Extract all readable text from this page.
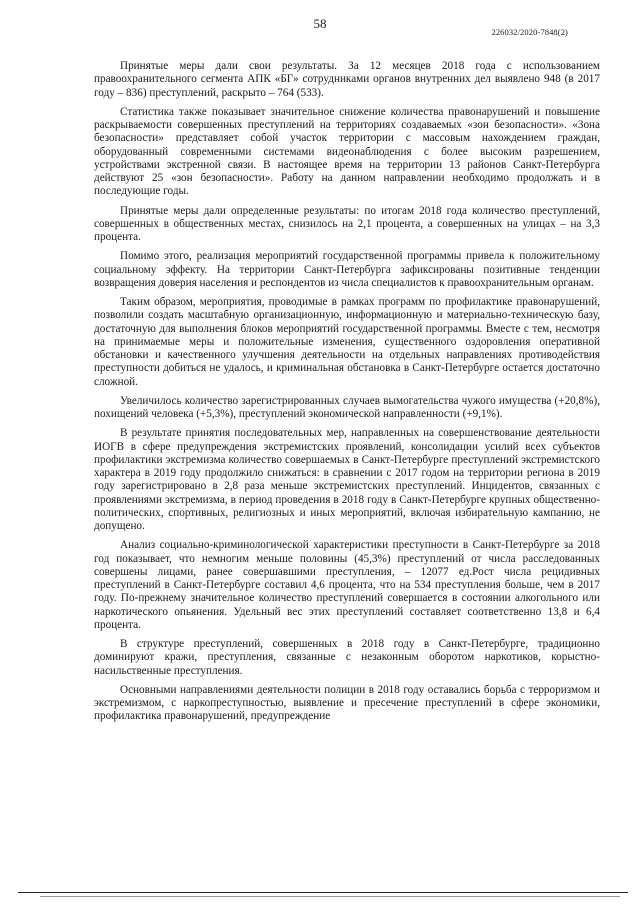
58
226032/2020-7848(2)

Принятые меры дали свои результаты. За 12 месяцев 2018 года с использованием правоохранительного сегмента АПК «БГ» сотрудниками органов внутренних дел выявлено 948 (в 2017 году – 836) преступлений, раскрыто – 764 (533).

Статистика также показывает значительное снижение количества правонарушений и повышение раскрываемости совершенных преступлений на территориях создаваемых «зон безопасности». «Зона безопасности» представляет собой участок территории с массовым нахождением граждан, оборудованный современными системами видеонаблюдения с более высоким разрешением, устройствами экстренной связи. В настоящее время на территории 13 районов Санкт-Петербурга действуют 25 «зон безопасности». Работу на данном направлении необходимо продолжать и в последующие годы.

Принятые меры дали определенные результаты: по итогам 2018 года количество преступлений, совершенных в общественных местах, снизилось на 2,1 процента, а совершенных на улицах – на 3,3 процента.

Помимо этого, реализация мероприятий государственной программы привела к положительному социальному эффекту. На территории Санкт-Петербурга зафиксированы позитивные тенденции возвращения доверия населения и респондентов из числа специалистов к правоохранительным органам.

Таким образом, мероприятия, проводимые в рамках программ по профилактике правонарушений, позволили создать масштабную организационную, информационную и материально-техническую базу, достаточную для выполнения блоков мероприятий государственной программы. Вместе с тем, несмотря на принимаемые меры и положительные изменения, существенного оздоровления оперативной обстановки и качественного улучшения деятельности на отдельных направлениях противодействия преступности добиться не удалось, и криминальная обстановка в Санкт-Петербурге остается достаточно сложной.

Увеличилось количество зарегистрированных случаев вымогательства чужого имущества (+20,8%), похищений человека (+5,3%), преступлений экономической направленности (+9,1%).

В результате принятия последовательных мер, направленных на совершенствование деятельности ИОГВ в сфере предупреждения экстремистских проявлений, консолидации усилий всех субъектов профилактики экстремизма количество совершаемых в Санкт-Петербурге преступлений экстремистского характера в 2019 году продолжило снижаться: в сравнении с 2017 годом на территории региона в 2019 году зарегистрировано в 2,8 раза меньше экстремистских преступлений. Инцидентов, связанных с проявлениями экстремизма, в период проведения в 2018 году в Санкт-Петербурге крупных общественно-политических, спортивных, религиозных и иных мероприятий, включая избирательную кампанию, не допущено.

Анализ социально-криминологической характеристики преступности в Санкт-Петербурге за 2018 год показывает, что немногим меньше половины (45,3%) преступлений от числа расследованных совершены лицами, ранее совершавшими преступления, – 12077 ед.Рост числа рецидивных преступлений в Санкт-Петербурге составил 4,6 процента, что на 534 преступления больше, чем в 2017 году. По-прежнему значительное количество преступлений совершается в состоянии алкогольного или наркотического опьянения. Удельный вес этих преступлений составляет соответственно 13,8 и 6,4 процента.

В структуре преступлений, совершенных в 2018 году в Санкт-Петербурге, традиционно доминируют кражи, преступления, связанные с незаконным оборотом наркотиков, корыстно-насильственные преступления.

Основными направлениями деятельности полиции в 2018 году оставались борьба с терроризмом и экстремизмом, с наркопреступностью, выявление и пресечение преступлений в сфере экономики, профилактика правонарушений, предупреждение
